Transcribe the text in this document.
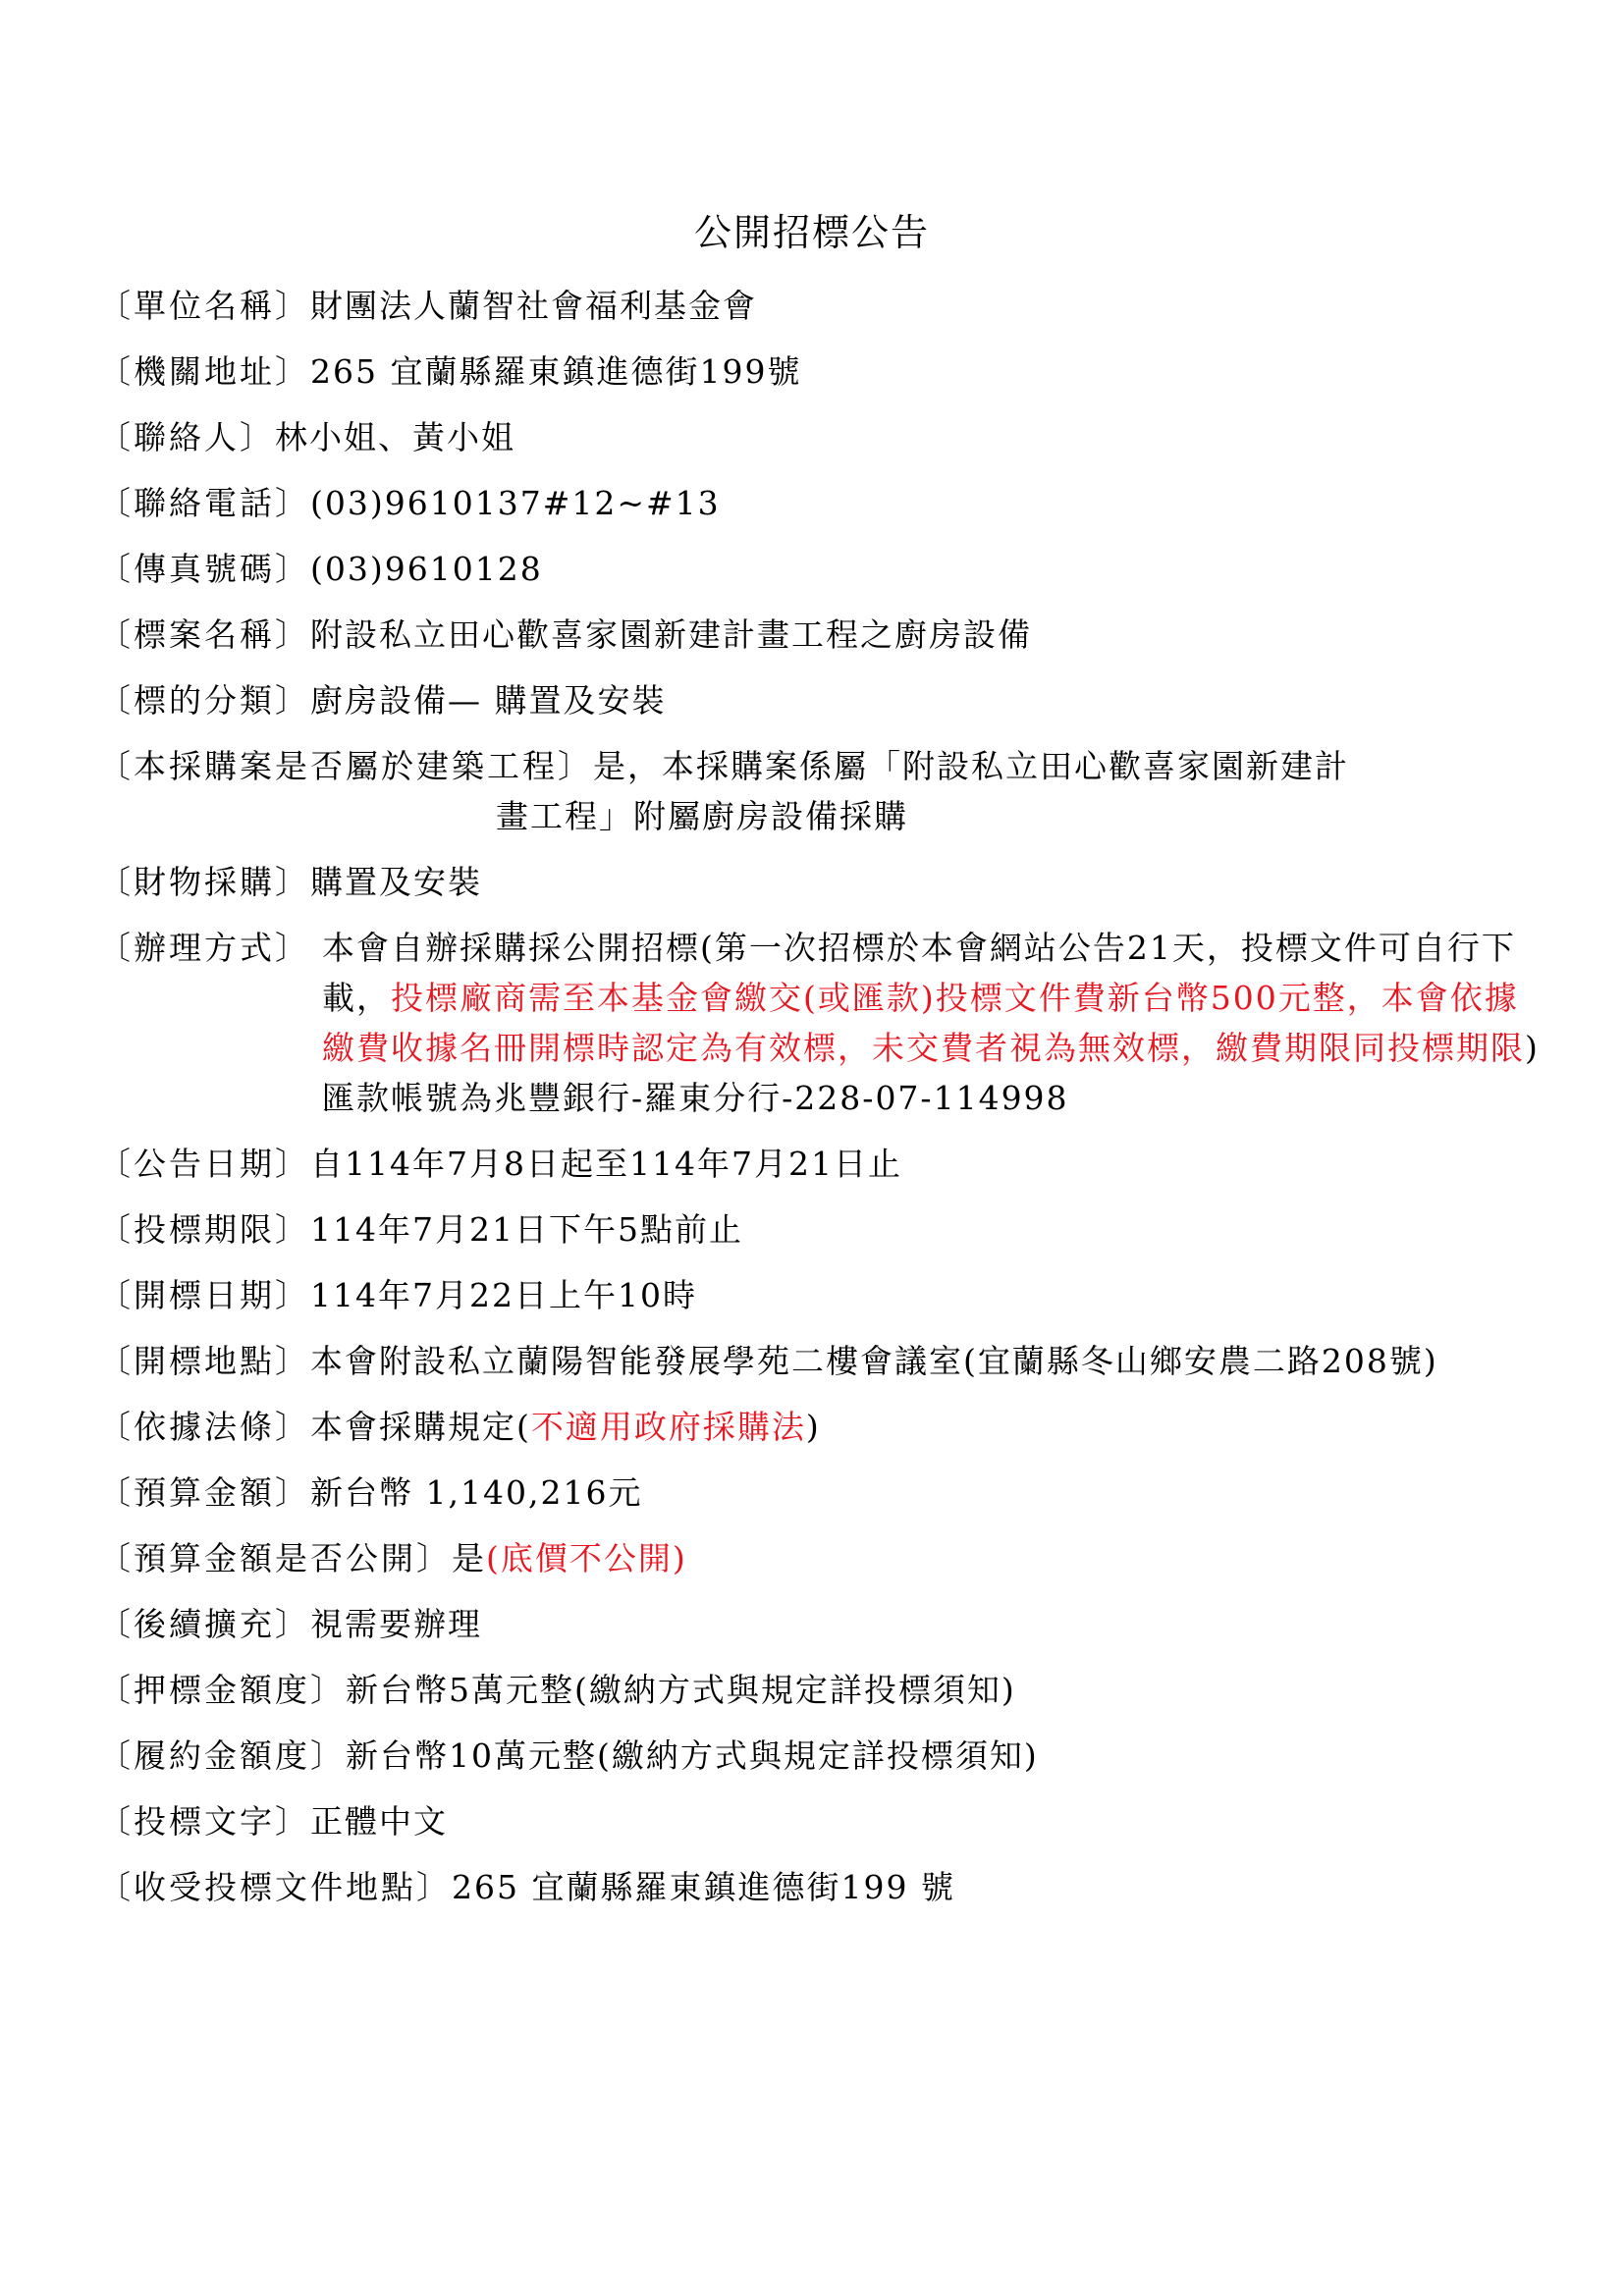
公開招標公告
〔單位名稱〕 財團法人蘭智社會福利基金會
〔機關地址〕 265 宜蘭縣羅東鎮進德街199號
〔聯絡人〕 林小姐、黃小姐
〔聯絡電話〕 (03)9610137#12~#13
〔傳真號碼〕 (03)9610128
〔標案名稱〕 附設私立田心歡喜家園新建計畫工程之廚房設備
〔標的分類〕 廚房設備— 購置及安裝
〔本採購案是否屬於建築工程〕是，本採購案係屬「附設私立田心歡喜家園新建計
畫工程」附屬廚房設備採購
〔財物採購〕 購置及安裝
〔辦理方式〕 本會自辦採購採公開招標(第一次招標於本會網站公告21天，投標文件可自行下載，投標廠商需至本基金會繳交(或匯款)投標文件費新台幣500元整，本會依據繳費收據名冊開標時認定為有效標，未交費者視為無效標，繳費期限同投標期限)匯款帳號為兆豐銀行-羅東分行-228-07-114998
〔公告日期〕 自114年7月8日起至114年7月21日止
〔投標期限〕 114年7月21日下午5點前止
〔開標日期〕 114年7月22日上午10時
〔開標地點〕 本會附設私立蘭陽智能發展學苑二樓會議室(宜蘭縣冬山鄉安農二路208號)
〔依據法條〕 本會採購規定(不適用政府採購法)
〔預算金額〕 新台幣 1,140,216元
〔預算金額是否公開〕 是(底價不公開)
〔後續擴充〕 視需要辦理
〔押標金額度〕 新台幣5萬元整(繳納方式與規定詳投標須知)
〔履約金額度〕 新台幣10萬元整(繳納方式與規定詳投標須知)
〔投標文字〕 正體中文
〔收受投標文件地點〕 265 宜蘭縣羅東鎮進德街199 號
